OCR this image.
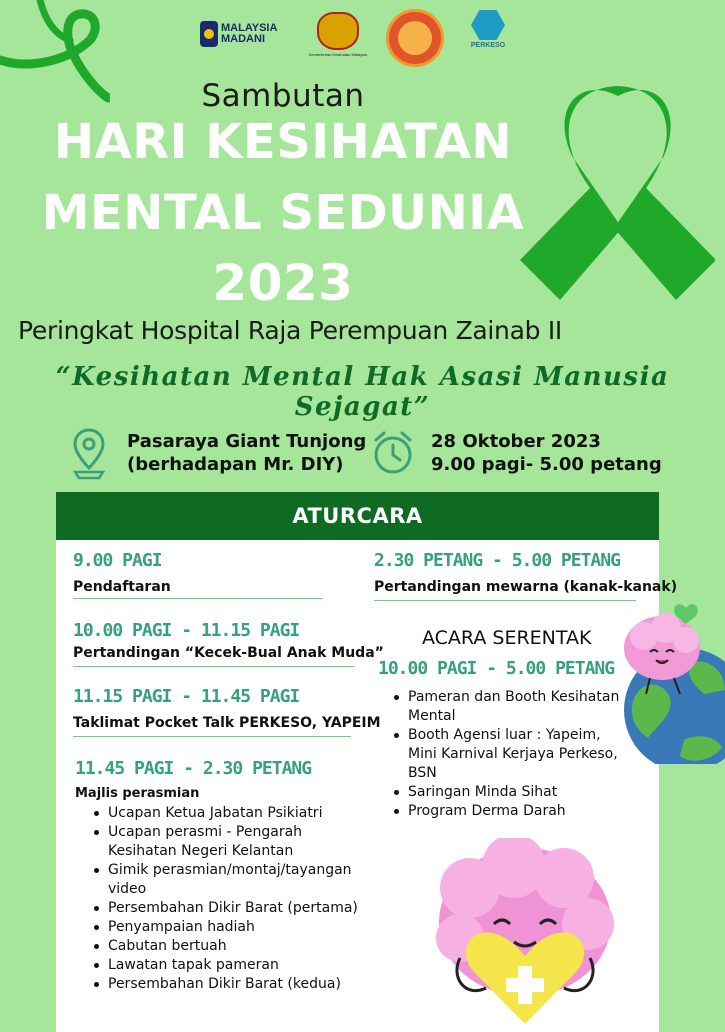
MALAYSIA
MADANI
Kementerian Kesihatan Malaysia
PERKESO
Sambutan
HARI KESIHATAN
MENTAL SEDUNIA
2023
Peringkat Hospital Raja Perempuan Zainab II
“Kesihatan Mental Hak Asasi Manusia Sejagat”
Pasaraya Giant Tunjong
(berhadapan Mr. DIY)
28 Oktober 2023
9.00 pagi- 5.00 petang
ATURCARA
9.00 PAGI
Pendaftaran
10.00 PAGI - 11.15 PAGI
Pertandingan “Kecek-Bual Anak Muda”
11.15 PAGI - 11.45 PAGI
Taklimat Pocket Talk PERKESO, YAPEIM
11.45 PAGI - 2.30 PETANG
Majlis perasmian
Ucapan Ketua Jabatan Psikiatri
Ucapan perasmi - Pengarah Kesihatan Negeri Kelantan
Gimik perasmian/montaj/tayangan video
Persembahan Dikir Barat (pertama)
Penyampaian hadiah
Cabutan bertuah
Lawatan tapak pameran
Persembahan Dikir Barat (kedua)
2.30 PETANG - 5.00 PETANG
Pertandingan mewarna (kanak-kanak)
ACARA SERENTAK
10.00 PAGI - 5.00 PETANG
Pameran dan Booth Kesihatan Mental
Booth Agensi luar : Yapeim, Mini Karnival Kerjaya Perkeso, BSN
Saringan Minda Sihat
Program Derma Darah
